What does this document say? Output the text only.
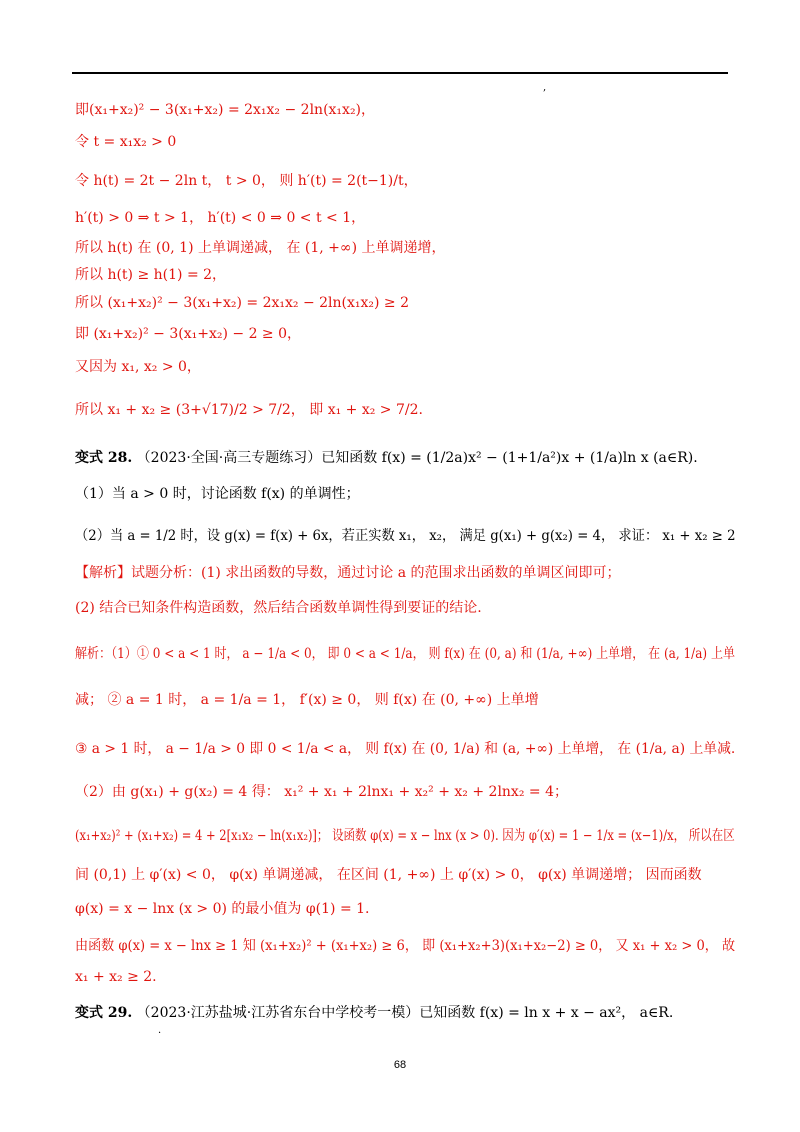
,
即(x₁+x₂)² − 3(x₁+x₂) = 2x₁x₂ − 2ln(x₁x₂)，
令 t = x₁x₂ > 0
令 h(t) = 2t − 2ln t， t > 0， 则 h′(t) = 2(t−1)/t，
h′(t) > 0 ⇒ t > 1， h′(t) < 0 ⇒ 0 < t < 1，
所以 h(t) 在 (0, 1) 上单调递减， 在 (1, +∞) 上单调递增，
所以 h(t) ≥ h(1) = 2，
所以 (x₁+x₂)² − 3(x₁+x₂) = 2x₁x₂ − 2ln(x₁x₂) ≥ 2
即 (x₁+x₂)² − 3(x₁+x₂) − 2 ≥ 0，
又因为 x₁, x₂ > 0，
所以 x₁ + x₂ ≥ (3+√17)/2 > 7/2， 即 x₁ + x₂ > 7/2.
变式 28. （2023·全国·高三专题练习）已知函数 f(x) = (1/2a)x² − (1+1/a²)x + (1/a)ln x (a∈R).
（1）当 a > 0 时，讨论函数 f(x) 的单调性；
（2）当 a = 1/2 时，设 g(x) = f(x) + 6x，若正实数 x₁， x₂， 满足 g(x₁) + g(x₂) = 4， 求证： x₁ + x₂ ≥ 2
【解析】试题分析：(1) 求出函数的导数，通过讨论 a 的范围求出函数的单调区间即可；
(2) 结合已知条件构造函数，然后结合函数单调性得到要证的结论.
解析：（1）① 0 < a < 1 时， a − 1/a < 0， 即 0 < a < 1/a， 则 f(x) 在 (0, a) 和 (1/a, +∞) 上单增， 在 (a, 1/a) 上单
减； ② a = 1 时， a = 1/a = 1， f′(x) ≥ 0， 则 f(x) 在 (0, +∞) 上单增
③ a > 1 时， a − 1/a > 0 即 0 < 1/a < a， 则 f(x) 在 (0, 1/a) 和 (a, +∞) 上单增， 在 (1/a, a) 上单减.
（2）由 g(x₁) + g(x₂) = 4 得： x₁² + x₁ + 2lnx₁ + x₂² + x₂ + 2lnx₂ = 4；
(x₁+x₂)² + (x₁+x₂) = 4 + 2[x₁x₂ − ln(x₁x₂)]； 设函数 φ(x) = x − lnx (x > 0). 因为 φ′(x) = 1 − 1/x = (x−1)/x， 所以在区
间 (0,1) 上 φ′(x) < 0， φ(x) 单调递减， 在区间 (1, +∞) 上 φ′(x) > 0， φ(x) 单调递增； 因而函数
φ(x) = x − lnx (x > 0) 的最小值为 φ(1) = 1.
由函数 φ(x) = x − lnx ≥ 1 知 (x₁+x₂)² + (x₁+x₂) ≥ 6， 即 (x₁+x₂+3)(x₁+x₂−2) ≥ 0， 又 x₁ + x₂ > 0， 故
x₁ + x₂ ≥ 2.
变式 29. （2023·江苏盐城·江苏省东台中学校考一模）已知函数 f(x) = ln x + x − ax²， a∈R.
·
68
